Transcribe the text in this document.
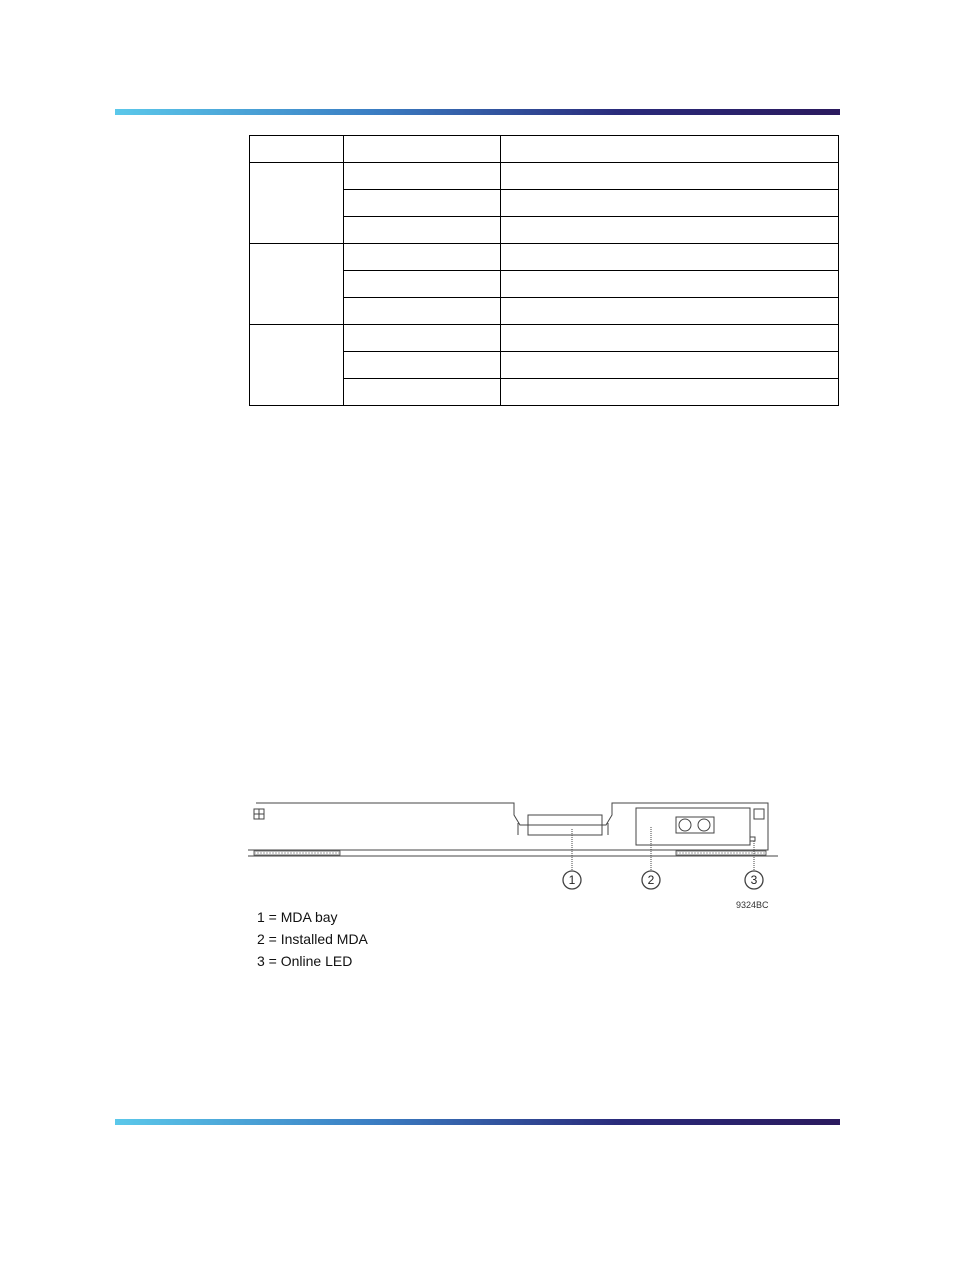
1	2	3
9324BC
1 = MDA bay
2 = Installed MDA
3 = Online LED
